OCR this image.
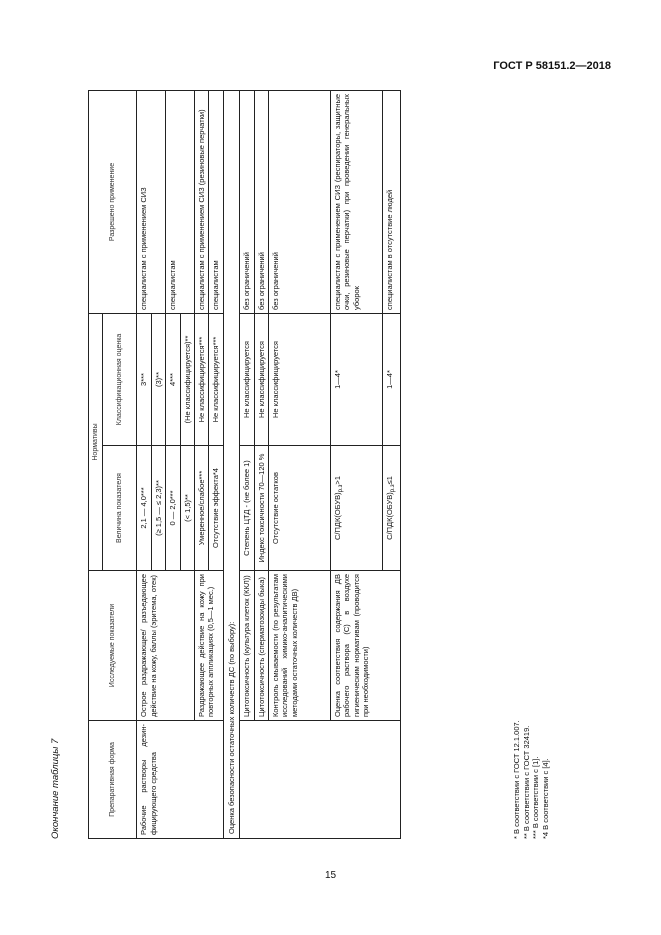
ГОСТ Р 58151.2—2018
Окончание таблицы 7	Препаративная форма	Исследуемые показатели	Нормативы		Разрешено применение
		Величина показателя	Классификационная оценка	
Рабочие растворы дезинфицирующего средства	Острое раздражающее/ разъедающее действие на кожу, баллы (эритема, отек)	2,1 — 4,0***	3***	специалистам с применением СИЗ
		(≥ 1,5 — ≤ 2,3)**	(3)**	
		0 — 2,0***	4***	специалистам
		(< 1,5)**	(Не классифицируется)**	
	Раздражающее действие на кожу при повторных аппликациях (0,5—1 мес.)	Умеренное/слабое***	Не классифицируется***	специалистам с применением СИЗ (резиновые перчатки)
		Отсутствие эффекта*4	Не классифицируется***	специалистам
Оценка безопасности остаточных количеств ДС (по выбору):				
	Цитотоксичность (культура клеток (ККЛ))	Степень ЦТД - (не более 1)	Не классифицируется	без ограничений
	Цитотоксичность (сперматозоиды быка)	Индекс токсичности 70—120 %	Не классифицируется	без ограничений
	Контроль смываемости (по результатам исследований химико-аналитическими методами остаточных количеств ДВ)	Отсутствие остатков	Не классифицируется	без ограничений
	Оценка соответствия содержания ДВ рабочего раствора (С) в воздухе гигиеническим нормативам (проводится при необходимости)	$С/ПДК(ОБУВ)_{р.з}>1$	1—4*	специалистам с применением СИЗ (респираторы, защитные очки, резиновые перчатки) при проведении генеральных уборок
		$С/ПДК(ОБУВ)_{р.з}\le 1$	1—4*	специалистам в отсутствие людей
* В соответствии с ГОСТ 12.1.007. ** В соответствии с ГОСТ 32419. *** В соответствии с [1]. *4 В соответствии с [4].
15
